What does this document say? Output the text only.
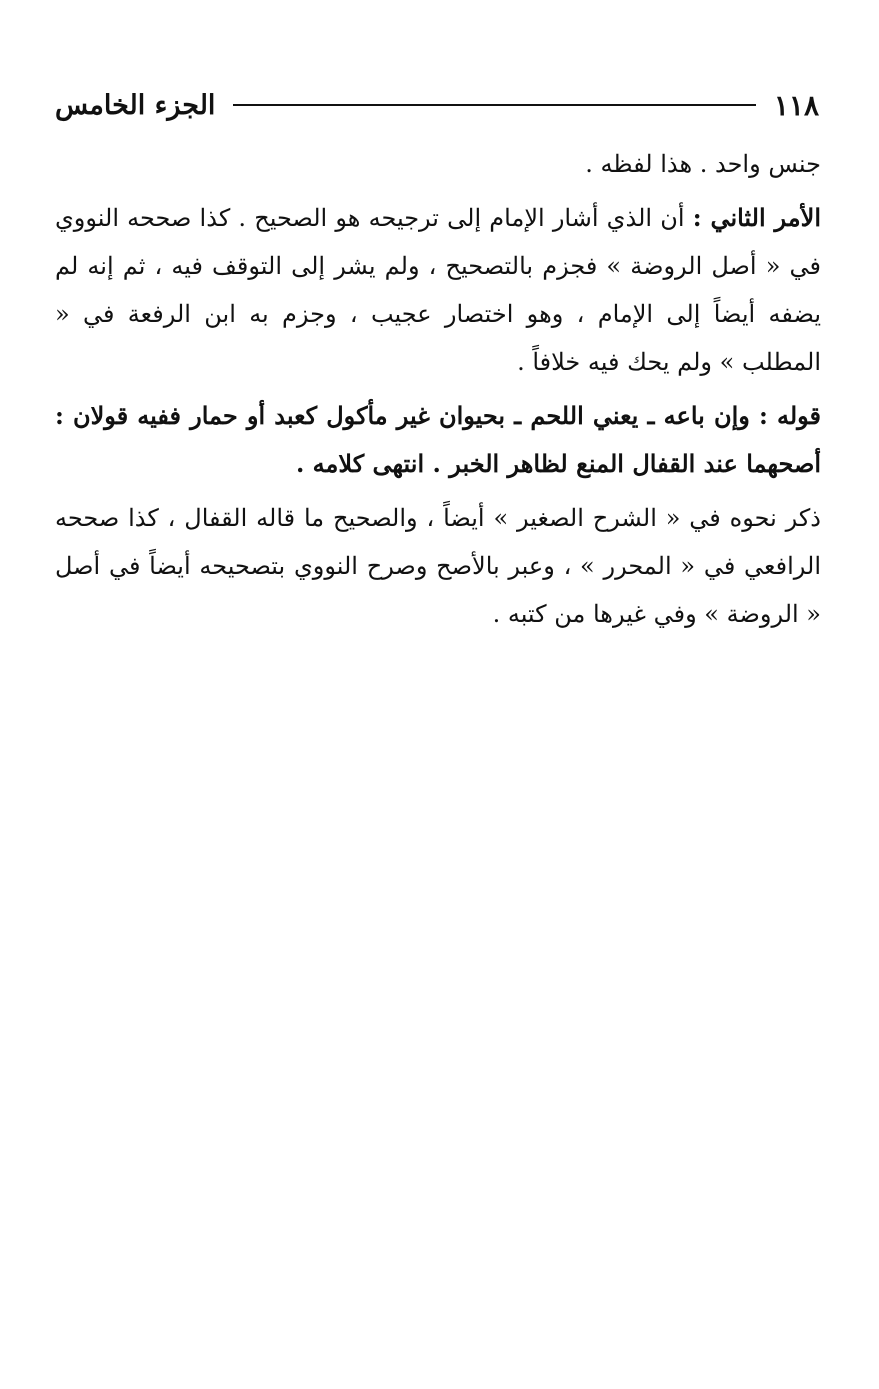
١١٨
الجزء الخامس

جنس واحد . هذا لفظه .

الأمر الثاني : أن الذي أشار الإمام إلى ترجيحه هو الصحيح . كذا صححه النووي في « أصل الروضة » فجزم بالتصحيح ، ولم يشر إلى التوقف فيه ، ثم إنه لم يضفه أيضاً إلى الإمام ، وهو اختصار عجيب ، وجزم به ابن الرفعة في « المطلب » ولم يحك فيه خلافاً .

قوله : وإن باعه ـ يعني اللحم ـ بحيوان غير مأكول كعبد أو حمار ففيه قولان : أصحهما عند القفال المنع لظاهر الخبر . انتهى كلامه .

ذكر نحوه في « الشرح الصغير » أيضاً ، والصحيح ما قاله القفال ، كذا صححه الرافعي في « المحرر » ، وعبر بالأصح وصرح النووي بتصحيحه أيضاً في أصل « الروضة » وفي غيرها من كتبه .
